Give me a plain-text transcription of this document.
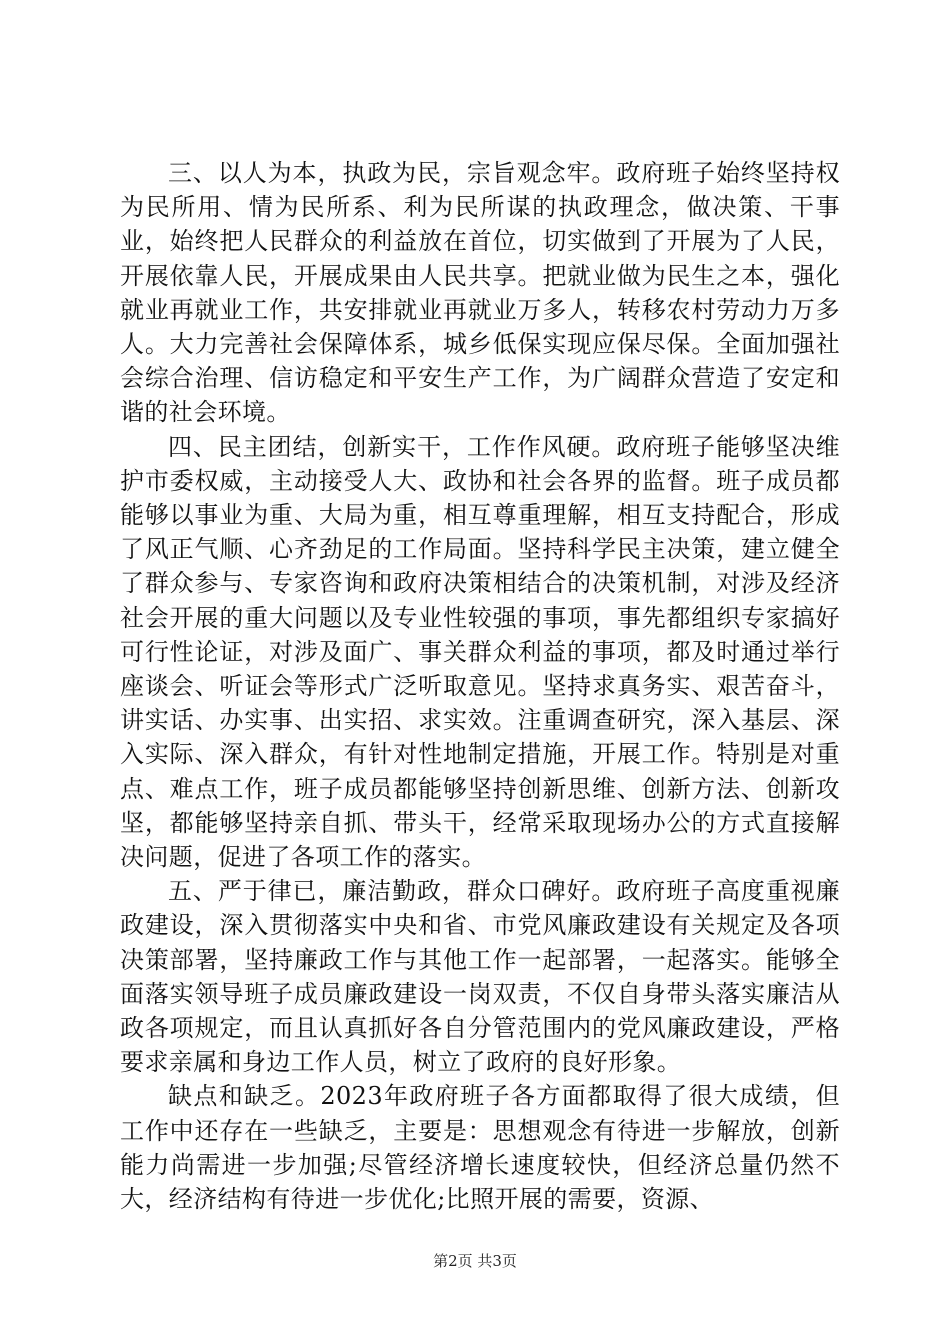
三、以人为本，执政为民，宗旨观念牢。政府班子始终坚持权为民所用、情为民所系、利为民所谋的执政理念，做决策、干事业，始终把人民群众的利益放在首位，切实做到了开展为了人民，开展依靠人民，开展成果由人民共享。把就业做为民生之本，强化就业再就业工作，共安排就业再就业万多人，转移农村劳动力万多人。大力完善社会保障体系，城乡低保实现应保尽保。全面加强社会综合治理、信访稳定和平安生产工作，为广阔群众营造了安定和谐的社会环境。

四、民主团结，创新实干，工作作风硬。政府班子能够坚决维护市委权威，主动接受人大、政协和社会各界的监督。班子成员都能够以事业为重、大局为重，相互尊重理解，相互支持配合，形成了风正气顺、心齐劲足的工作局面。坚持科学民主决策，建立健全了群众参与、专家咨询和政府决策相结合的决策机制，对涉及经济社会开展的重大问题以及专业性较强的事项，事先都组织专家搞好可行性论证，对涉及面广、事关群众利益的事项，都及时通过举行座谈会、听证会等形式广泛听取意见。坚持求真务实、艰苦奋斗，讲实话、办实事、出实招、求实效。注重调查研究，深入基层、深入实际、深入群众，有针对性地制定措施，开展工作。特别是对重点、难点工作，班子成员都能够坚持创新思维、创新方法、创新攻坚，都能够坚持亲自抓、带头干，经常采取现场办公的方式直接解决问题，促进了各项工作的落实。

五、严于律已，廉洁勤政，群众口碑好。政府班子高度重视廉政建设，深入贯彻落实中央和省、市党风廉政建设有关规定及各项决策部署，坚持廉政工作与其他工作一起部署，一起落实。能够全面落实领导班子成员廉政建设一岗双责，不仅自身带头落实廉洁从政各项规定，而且认真抓好各自分管范围内的党风廉政建设，严格要求亲属和身边工作人员，树立了政府的良好形象。

缺点和缺乏。2023年政府班子各方面都取得了很大成绩，但工作中还存在一些缺乏，主要是：思想观念有待进一步解放，创新能力尚需进一步加强;尽管经济增长速度较快，但经济总量仍然不大，经济结构有待进一步优化;比照开展的需要，资源、

第2页 共3页
